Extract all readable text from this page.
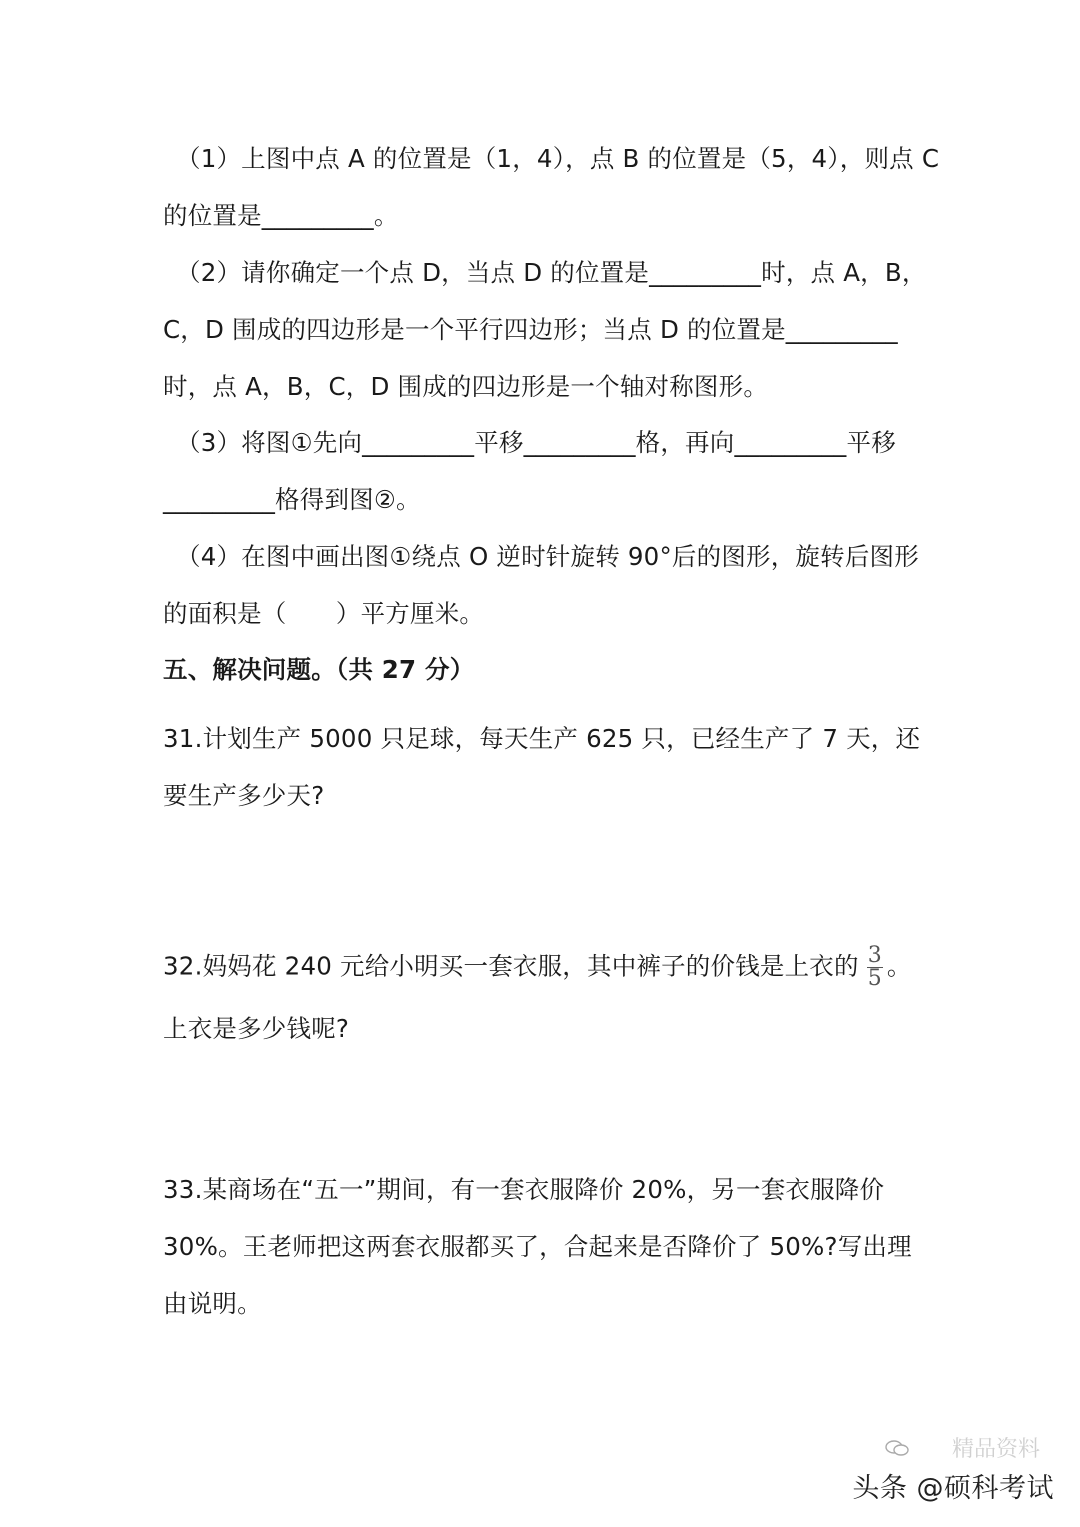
（1）上图中点 A 的位置是（1，4），点 B 的位置是（5，4），则点 C

的位置是_________。

（2）请你确定一个点 D，当点 D 的位置是_________时，点 A，B，

C，D 围成的四边形是一个平行四边形；当点 D 的位置是_________

时，点 A，B，C，D 围成的四边形是一个轴对称图形。

（3）将图①先向_________平移_________格，再向_________平移

_________格得到图②。

（4）在图中画出图①绕点 O 逆时针旋转 90°后的图形，旋转后图形

的面积是（　　）平方厘米。

五、解决问题。（共 27 分）

31.计划生产 5000 只足球，每天生产 625 只，已经生产了 7 天，还

要生产多少天?

32.妈妈花 240 元给小明买一套衣服，其中裤子的价钱是上衣的 $\frac{3}{5}$ 。

上衣是多少钱呢?

33.某商场在“五一”期间，有一套衣服降价 20%，另一套衣服降价

30%。王老师把这两套衣服都买了，合起来是否降价了 50%?写出理

由说明。

精品资料
头条 @硕科考试
